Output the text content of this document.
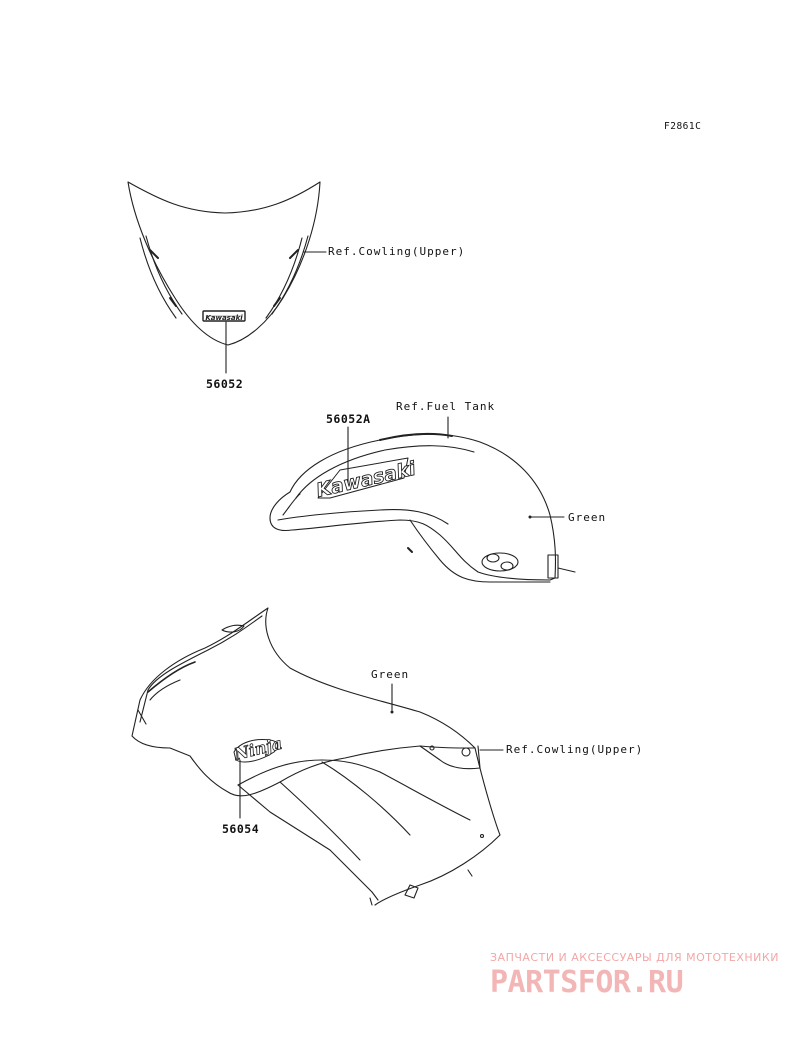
Kawasaki
Kawasaki
Ninja
F2861C
Ref.Cowling(Upper)
56052
Ref.Fuel Tank
56052A
Green
Green
Ref.Cowling(Upper)
56054
ЗАПЧАСТИ И АКСЕССУАРЫ ДЛЯ МОТОТЕХНИКИ
PARTSFOR.RU
